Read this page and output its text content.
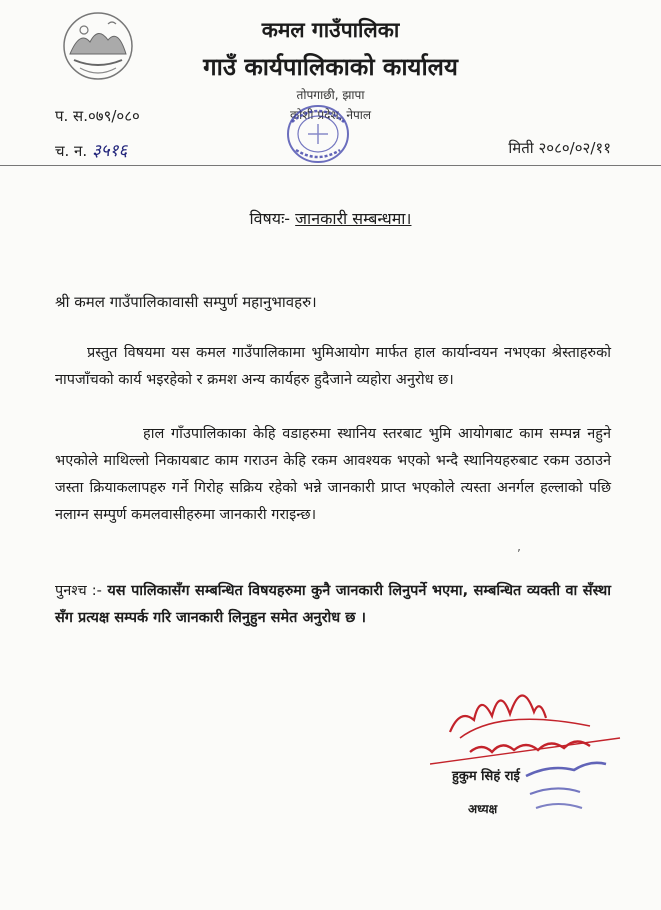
कमल गाउँपालिका
गाउँ कार्यपालिकाको कार्यालय
तोपगाछी, झापा
कोशी प्रदेश, नेपाल
प. स.०७९/०८०
च. न. ३५१६	मिती २०८०/०२/११
विषयः- जानकारी सम्बन्धमा।
श्री कमल गाउँपालिकावासी सम्पुर्ण महानुभावहरु।
प्रस्तुत विषयमा यस कमल गाउँपालिकामा भुमिआयोग मार्फत हाल कार्यान्वयन नभएका श्रेस्ताहरुको नापजाँचको कार्य भइरहेको र क्रमश अन्य कार्यहरु हुदैजाने व्यहोरा अनुरोध छ।
हाल गाँउपालिकाका केहि वडाहरुमा स्थानिय स्तरबाट भुमि आयोगबाट काम सम्पन्न नहुने भएकोले माथिल्लो निकायबाट काम गराउन केहि रकम आवश्यक भएको भन्दै स्थानियहरुबाट रकम उठाउने जस्ता क्रियाकलापहरु गर्ने गिरोह सक्रिय रहेको भन्ने जानकारी प्राप्त भएकोले त्यस्ता अनर्गल हल्लाको पछि नलाग्न सम्पुर्ण कमलवासीहरुमा जानकारी गराइन्छ।
पुनश्च :- यस पालिकासँग सम्बन्धित विषयहरुमा कुनै जानकारी लिनुपर्ने भएमा, सम्बन्धित व्यक्ती वा सँस्था सँग प्रत्यक्ष सम्पर्क गरि जानकारी लिनुहुन समेत अनुरोध छ ।
’
हुकुम सिहं राई
अध्यक्ष
